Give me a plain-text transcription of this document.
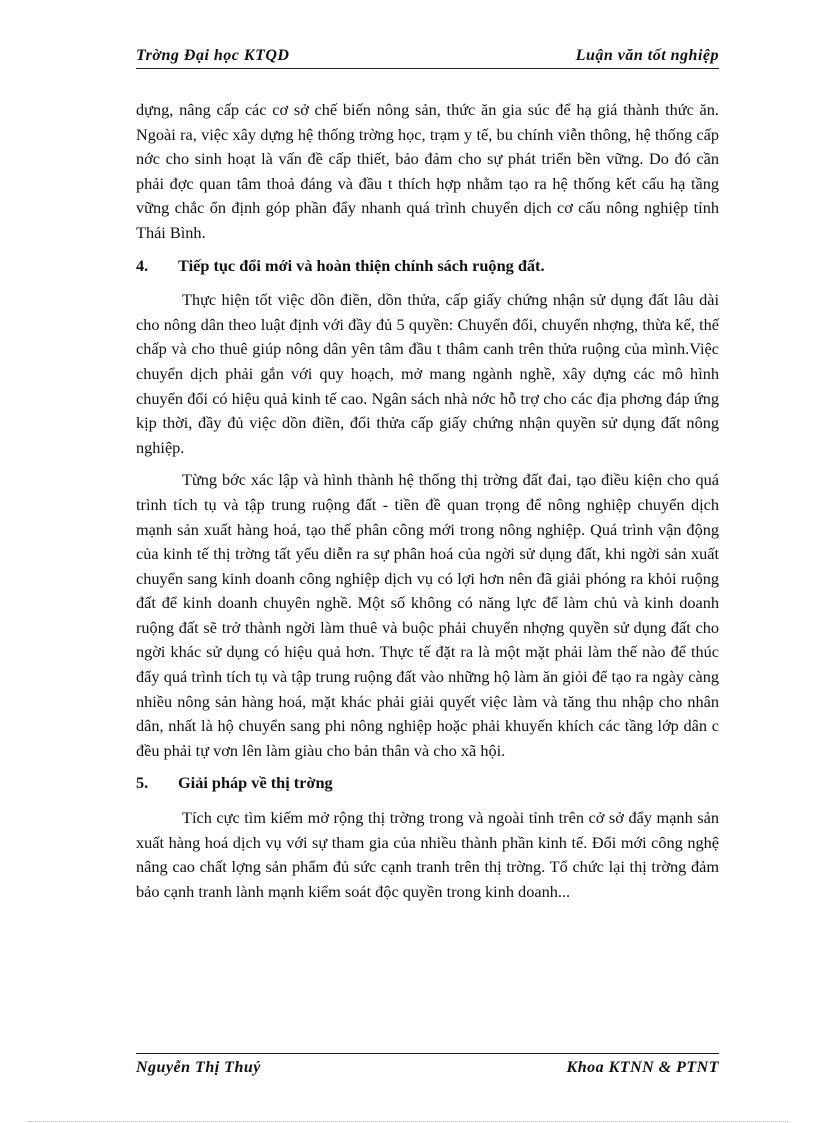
Trờng Đại học KTQD	Luận văn tốt nghiệp

dựng, nâng cấp các cơ sở chế biến nông sản, thức ăn gia súc để hạ giá thành thức ăn. Ngoài ra, việc xây dựng hệ thống trờng học, trạm y tế, bu chính viễn thông, hệ thống cấp nớc cho sinh hoạt là vấn đề cấp thiết, bảo đảm cho sự phát triển bền vững. Do đó cần phải đợc quan tâm thoả đáng và đầu t thích hợp nhằm tạo ra hệ thống kết cấu hạ tầng vững chắc ổn định góp phần đẩy nhanh quá trình chuyển dịch cơ cấu nông nghiệp tỉnh Thái Bình.

4. Tiếp tục đổi mới và hoàn thiện chính sách ruộng đất.

Thực hiện tốt việc dồn điền, dồn thửa, cấp giấy chứng nhận sử dụng đất lâu dài cho nông dân theo luật định với đầy đủ 5 quyền: Chuyển đổi, chuyển nhợng, thừa kế, thế chấp và cho thuê giúp nông dân yên tâm đầu t thâm canh trên thửa ruộng của mình.Việc chuyển dịch phải gắn với quy hoạch, mở mang ngành nghề, xây dựng các mô hình chuyển đổi có hiệu quả kinh tế cao. Ngân sách nhà nớc hỗ trợ cho các địa phơng đáp ứng kịp thời, đầy đủ việc dồn điền, đổi thửa cấp giấy chứng nhận quyền sử dụng đất nông nghiệp.

Từng bớc xác lập và hình thành hệ thống thị trờng đất đai, tạo điều kiện cho quá trình tích tụ và tập trung ruộng đất - tiền đề quan trọng để nông nghiệp chuyển dịch mạnh sản xuất hàng hoá, tạo thế phân công mới trong nông nghiệp. Quá trình vận động của kinh tế thị trờng tất yếu diễn ra sự phân hoá của ngời sử dụng đất, khi ngời sản xuất chuyển sang kinh doanh công nghiệp dịch vụ có lợi hơn nên đã giải phóng ra khỏi ruộng đất để kinh doanh chuyên nghề. Một số không có năng lực để làm chủ và kinh doanh ruộng đất sẽ trở thành ngời làm thuê và buộc phải chuyển nhợng quyền sử dụng đất cho ngời khác sử dụng có hiệu quả hơn. Thực tế đặt ra là một mặt phải làm thế nào để thúc đẩy quá trình tích tụ và tập trung ruộng đất vào những hộ làm ăn giỏi để tạo ra ngày càng nhiều nông sản hàng hoá, mặt khác phải giải quyết việc làm và tăng thu nhập cho nhân dân, nhất là hộ chuyển sang phi nông nghiệp hoặc phải khuyến khích các tầng lớp dân c đều phải tự vơn lên làm giàu cho bản thân và cho xã hội.

5. Giải pháp về thị trờng

Tích cực tìm kiếm mở rộng thị trờng trong và ngoài tỉnh trên cở sở đẩy mạnh sản xuất hàng hoá dịch vụ với sự tham gia của nhiều thành phần kinh tế. Đổi mới công nghệ nâng cao chất lợng sản phẩm đủ sức cạnh tranh trên thị trờng. Tổ chức lại thị trờng đảm bảo cạnh tranh lành mạnh kiểm soát độc quyền trong kinh doanh...

Nguyễn Thị Thuý	Khoa KTNN & PTNT
